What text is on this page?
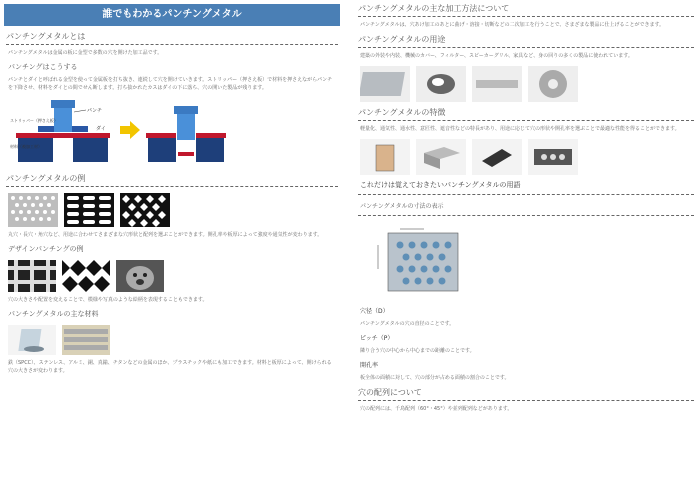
誰でもわかるパンチングメタル
パンチングメタルとは
パンチングメタルは金属の板に金型で多数の穴を開けた加工品です。
パンチングはこうする
パンチとダイと呼ばれる金型を使って金属板を打ち抜き、連続して穴を開けていきます。ストリッパー（押さえ板）で材料を押さえながらパンチを下降させ、材料をダイとの間でせん断します。打ち抜かれたカスはダイの下に落ち、穴の開いた製品が残ります。
パンチ
ストリッパー（押さえ板）
材料（被加工材）
ダイ
パンチングメタルの例
丸穴・長穴・角穴など、用途に合わせてさまざまな穴形状と配列を選ぶことができます。開孔率や板厚によって強度や通気性が変わります。
デザインパンチングの例
穴の大きさや配置を変えることで、模様や写真のような絵柄を表現することもできます。
パンチングメタルの主な材料
鉄（SPCC）、ステンレス、アルミ、銅、真鍮、チタンなどの金属のほか、プラスチックや紙にも加工できます。材料と板厚によって、開けられる穴の大きさが変わります。
パンチングメタルの主な加工方法について
パンチングメタルは、穴あけ加工のあとに曲げ・溶接・切断などの二次加工を行うことで、さまざまな製品に仕上げることができます。
パンチングメタルの用途
建築の外装や内装、機械のカバー、フィルター、スピーカーグリル、家具など、身の回りの多くの製品に使われています。
パンチングメタルの特徴
軽量化、通気性、通水性、意匠性、遮音性などの特長があり、用途に応じて穴の形状や開孔率を選ぶことで最適な性能を得ることができます。
これだけは覚えておきたいパンチングメタルの用語
パンチングメタルの寸法の表示
穴径（D）
パンチングメタルの穴の直径のことです。
ピッチ（P）
隣り合う穴の中心から中心までの距離のことです。
開孔率
板全体の面積に対して、穴の部分が占める面積の割合のことです。
穴の配列について
穴の配列には、千鳥配列（60°・45°）や並列配列などがあります。
